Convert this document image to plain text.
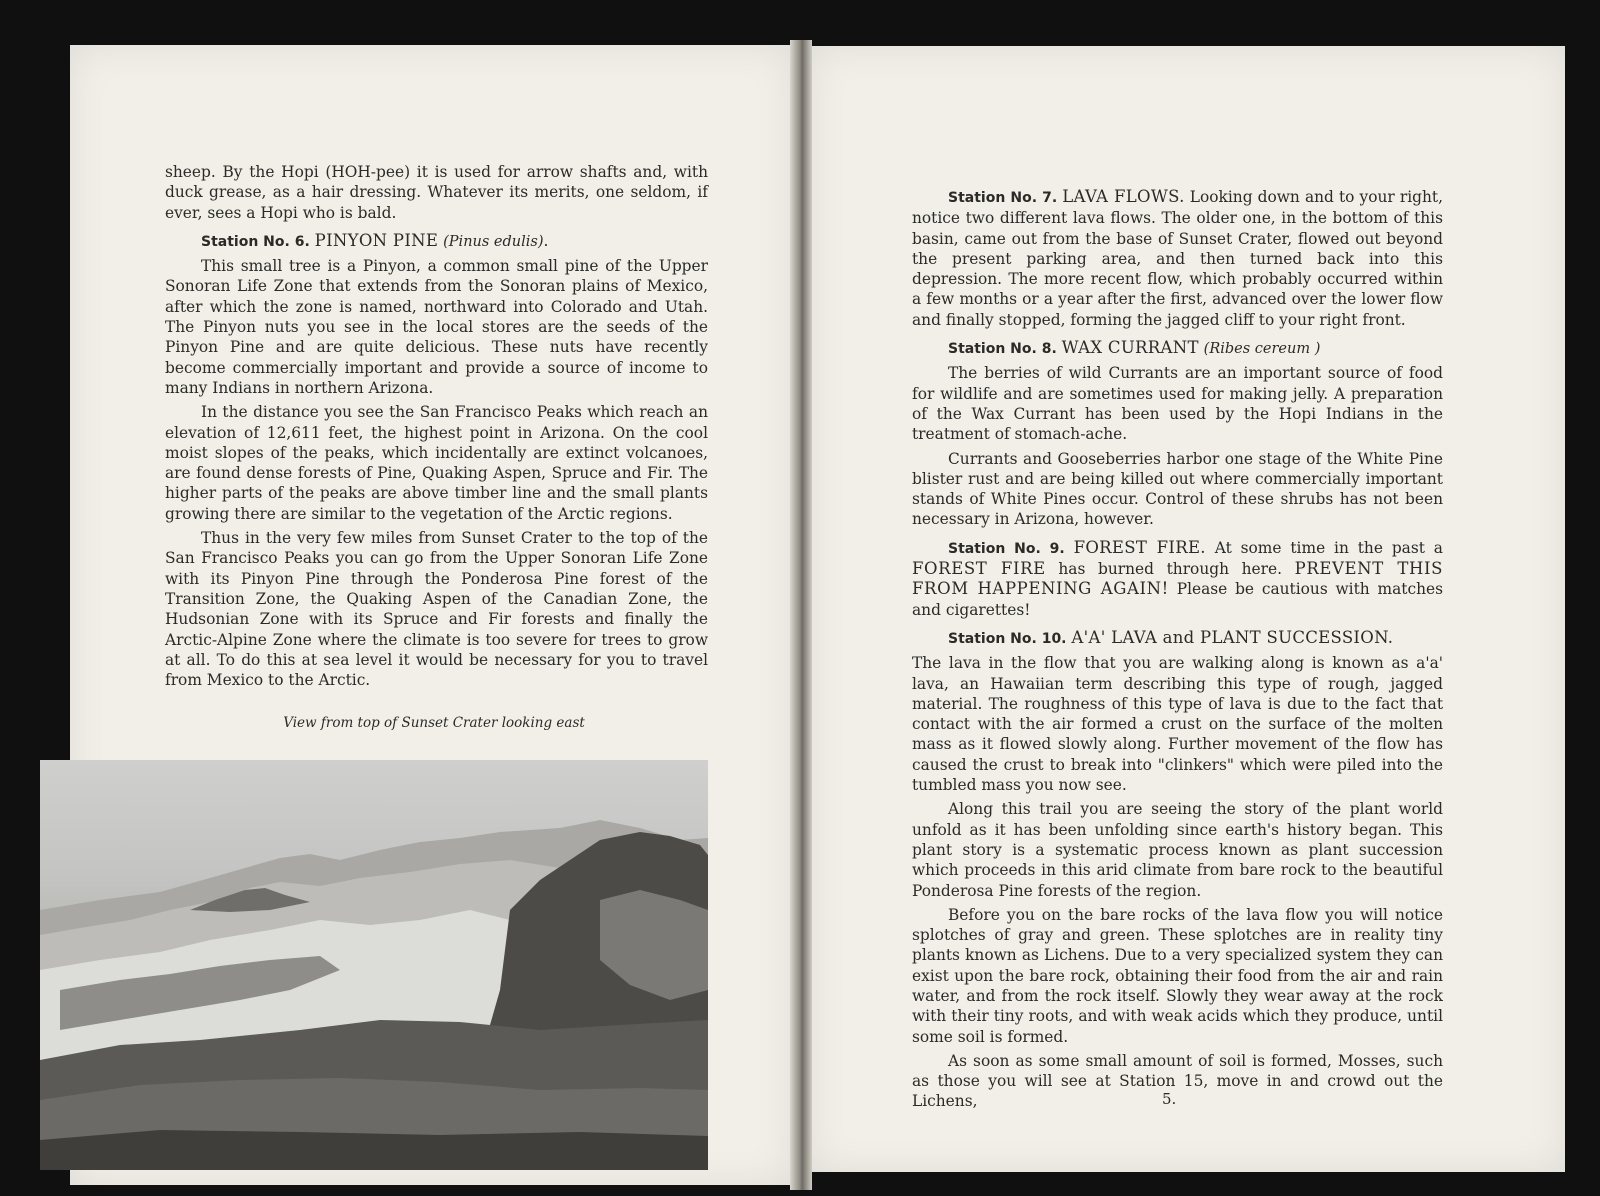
sheep. By the Hopi (HOH-pee) it is used for arrow shafts and, with duck grease, as a hair dressing. Whatever its merits, one seldom, if ever, sees a Hopi who is bald.

Station No. 6. PINYON PINE (Pinus edulis).

This small tree is a Pinyon, a common small pine of the Upper Sonoran Life Zone that extends from the Sonoran plains of Mexico, after which the zone is named, northward into Colorado and Utah. The Pinyon nuts you see in the local stores are the seeds of the Pinyon Pine and are quite delicious. These nuts have recently become commercially important and provide a source of income to many Indians in northern Arizona.

In the distance you see the San Francisco Peaks which reach an elevation of 12,611 feet, the highest point in Arizona. On the cool moist slopes of the peaks, which incidentally are extinct volcanoes, are found dense forests of Pine, Quaking Aspen, Spruce and Fir. The higher parts of the peaks are above timber line and the small plants growing there are similar to the vegetation of the Arctic regions.

Thus in the very few miles from Sunset Crater to the top of the San Francisco Peaks you can go from the Upper Sonoran Life Zone with its Pinyon Pine through the Ponderosa Pine forest of the Transition Zone, the Quaking Aspen of the Canadian Zone, the Hudsonian Zone with its Spruce and Fir forests and finally the Arctic-Alpine Zone where the climate is too severe for trees to grow at all. To do this at sea level it would be necessary for you to travel from Mexico to the Arctic.

View from top of Sunset Crater looking east

Station No. 7. LAVA FLOWS. Looking down and to your right, notice two different lava flows. The older one, in the bottom of this basin, came out from the base of Sunset Crater, flowed out beyond the present parking area, and then turned back into this depression. The more recent flow, which probably occurred within a few months or a year after the first, advanced over the lower flow and finally stopped, forming the jagged cliff to your right front.

Station No. 8. WAX CURRANT (Ribes cereum )

The berries of wild Currants are an important source of food for wildlife and are sometimes used for making jelly. A preparation of the Wax Currant has been used by the Hopi Indians in the treatment of stomach-ache.

Currants and Gooseberries harbor one stage of the White Pine blister rust and are being killed out where commercially important stands of White Pines occur. Control of these shrubs has not been necessary in Arizona, however.

Station No. 9. FOREST FIRE. At some time in the past a FOREST FIRE has burned through here. PREVENT THIS FROM HAPPENING AGAIN! Please be cautious with matches and cigarettes!

Station No. 10. A'A' LAVA and PLANT SUCCESSION.

The lava in the flow that you are walking along is known as a'a' lava, an Hawaiian term describing this type of rough, jagged material. The roughness of this type of lava is due to the fact that contact with the air formed a crust on the surface of the molten mass as it flowed slowly along. Further movement of the flow has caused the crust to break into "clinkers" which were piled into the tumbled mass you now see.

Along this trail you are seeing the story of the plant world unfold as it has been unfolding since earth's history began. This plant story is a systematic process known as plant succession which proceeds in this arid climate from bare rock to the beautiful Ponderosa Pine forests of the region.

Before you on the bare rocks of the lava flow you will notice splotches of gray and green. These splotches are in reality tiny plants known as Lichens. Due to a very specialized system they can exist upon the bare rock, obtaining their food from the air and rain water, and from the rock itself. Slowly they wear away at the rock with their tiny roots, and with weak acids which they produce, until some soil is formed.

As soon as some small amount of soil is formed, Mosses, such as those you will see at Station 15, move in and crowd out the Lichens,	5.
